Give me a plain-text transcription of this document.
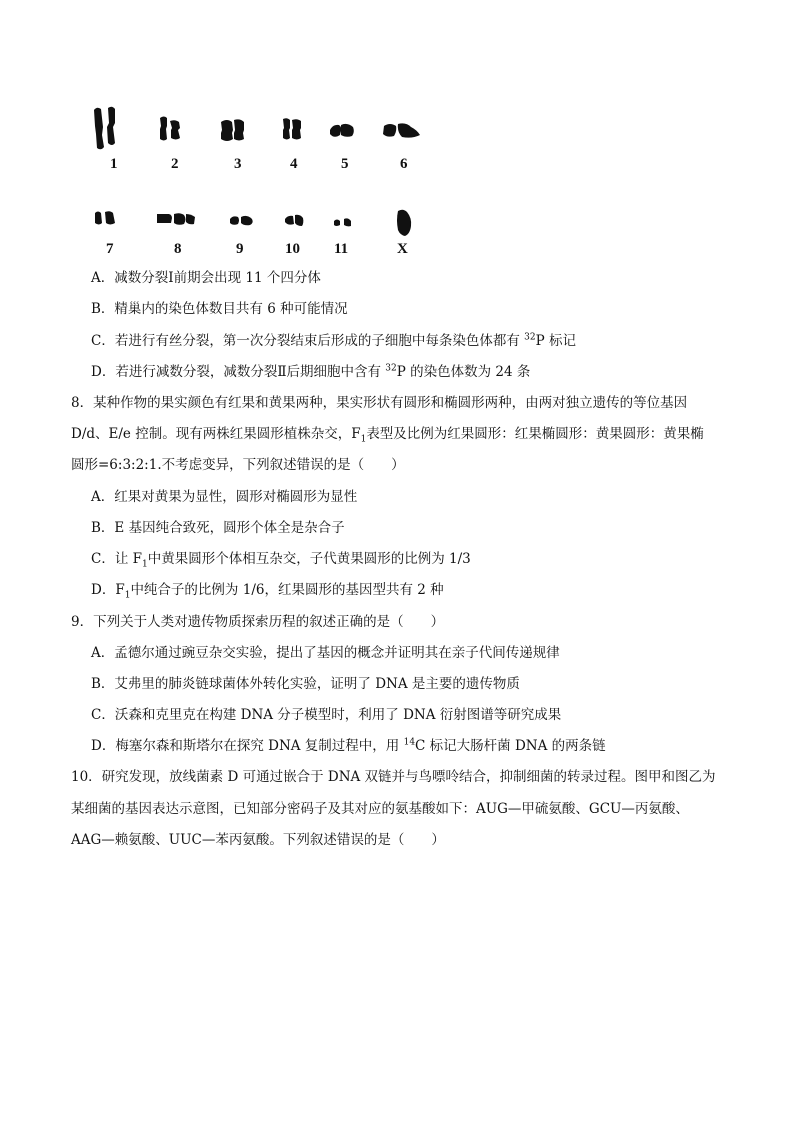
1	2	3	4	5	6
7	8	9	10 11	X
A．减数分裂Ⅰ前期会出现 11 个四分体
B．精巢内的染色体数目共有 6 种可能情况
C．若进行有丝分裂，第一次分裂结束后形成的子细胞中每条染色体都有 $^{32}$P 标记
D．若进行减数分裂，减数分裂Ⅱ后期细胞中含有 $^{32}$P 的染色体数为 24 条
8．某种作物的果实颜色有红果和黄果两种，果实形状有圆形和椭圆形两种，由两对独立遗传的等位基因
D/d、E/e 控制。现有两株红果圆形植株杂交，$F_1$表型及比例为红果圆形：红果椭圆形：黄果圆形：黄果椭
圆形=6:3:2:1.不考虑变异，下列叙述错误的是（　　）
A．红果对黄果为显性，圆形对椭圆形为显性
B．E 基因纯合致死，圆形个体全是杂合子
C．让 $F_1$中黄果圆形个体相互杂交，子代黄果圆形的比例为 1/3
D．$F_1$中纯合子的比例为 1/6，红果圆形的基因型共有 2 种
9．下列关于人类对遗传物质探索历程的叙述正确的是（　　）
A．孟德尔通过豌豆杂交实验，提出了基因的概念并证明其在亲子代间传递规律
B．艾弗里的肺炎链球菌体外转化实验，证明了 DNA 是主要的遗传物质
C．沃森和克里克在构建 DNA 分子模型时，利用了 DNA 衍射图谱等研究成果
D．梅塞尔森和斯塔尔在探究 DNA 复制过程中，用 $^{14}$C 标记大肠杆菌 DNA 的两条链
10．研究发现，放线菌素 D 可通过嵌合于 DNA 双链并与鸟嘌呤结合，抑制细菌的转录过程。图甲和图乙为
某细菌的基因表达示意图，已知部分密码子及其对应的氨基酸如下：AUG—甲硫氨酸、GCU—丙氨酸、
AAG—赖氨酸、UUC—苯丙氨酸。下列叙述错误的是（　　）
